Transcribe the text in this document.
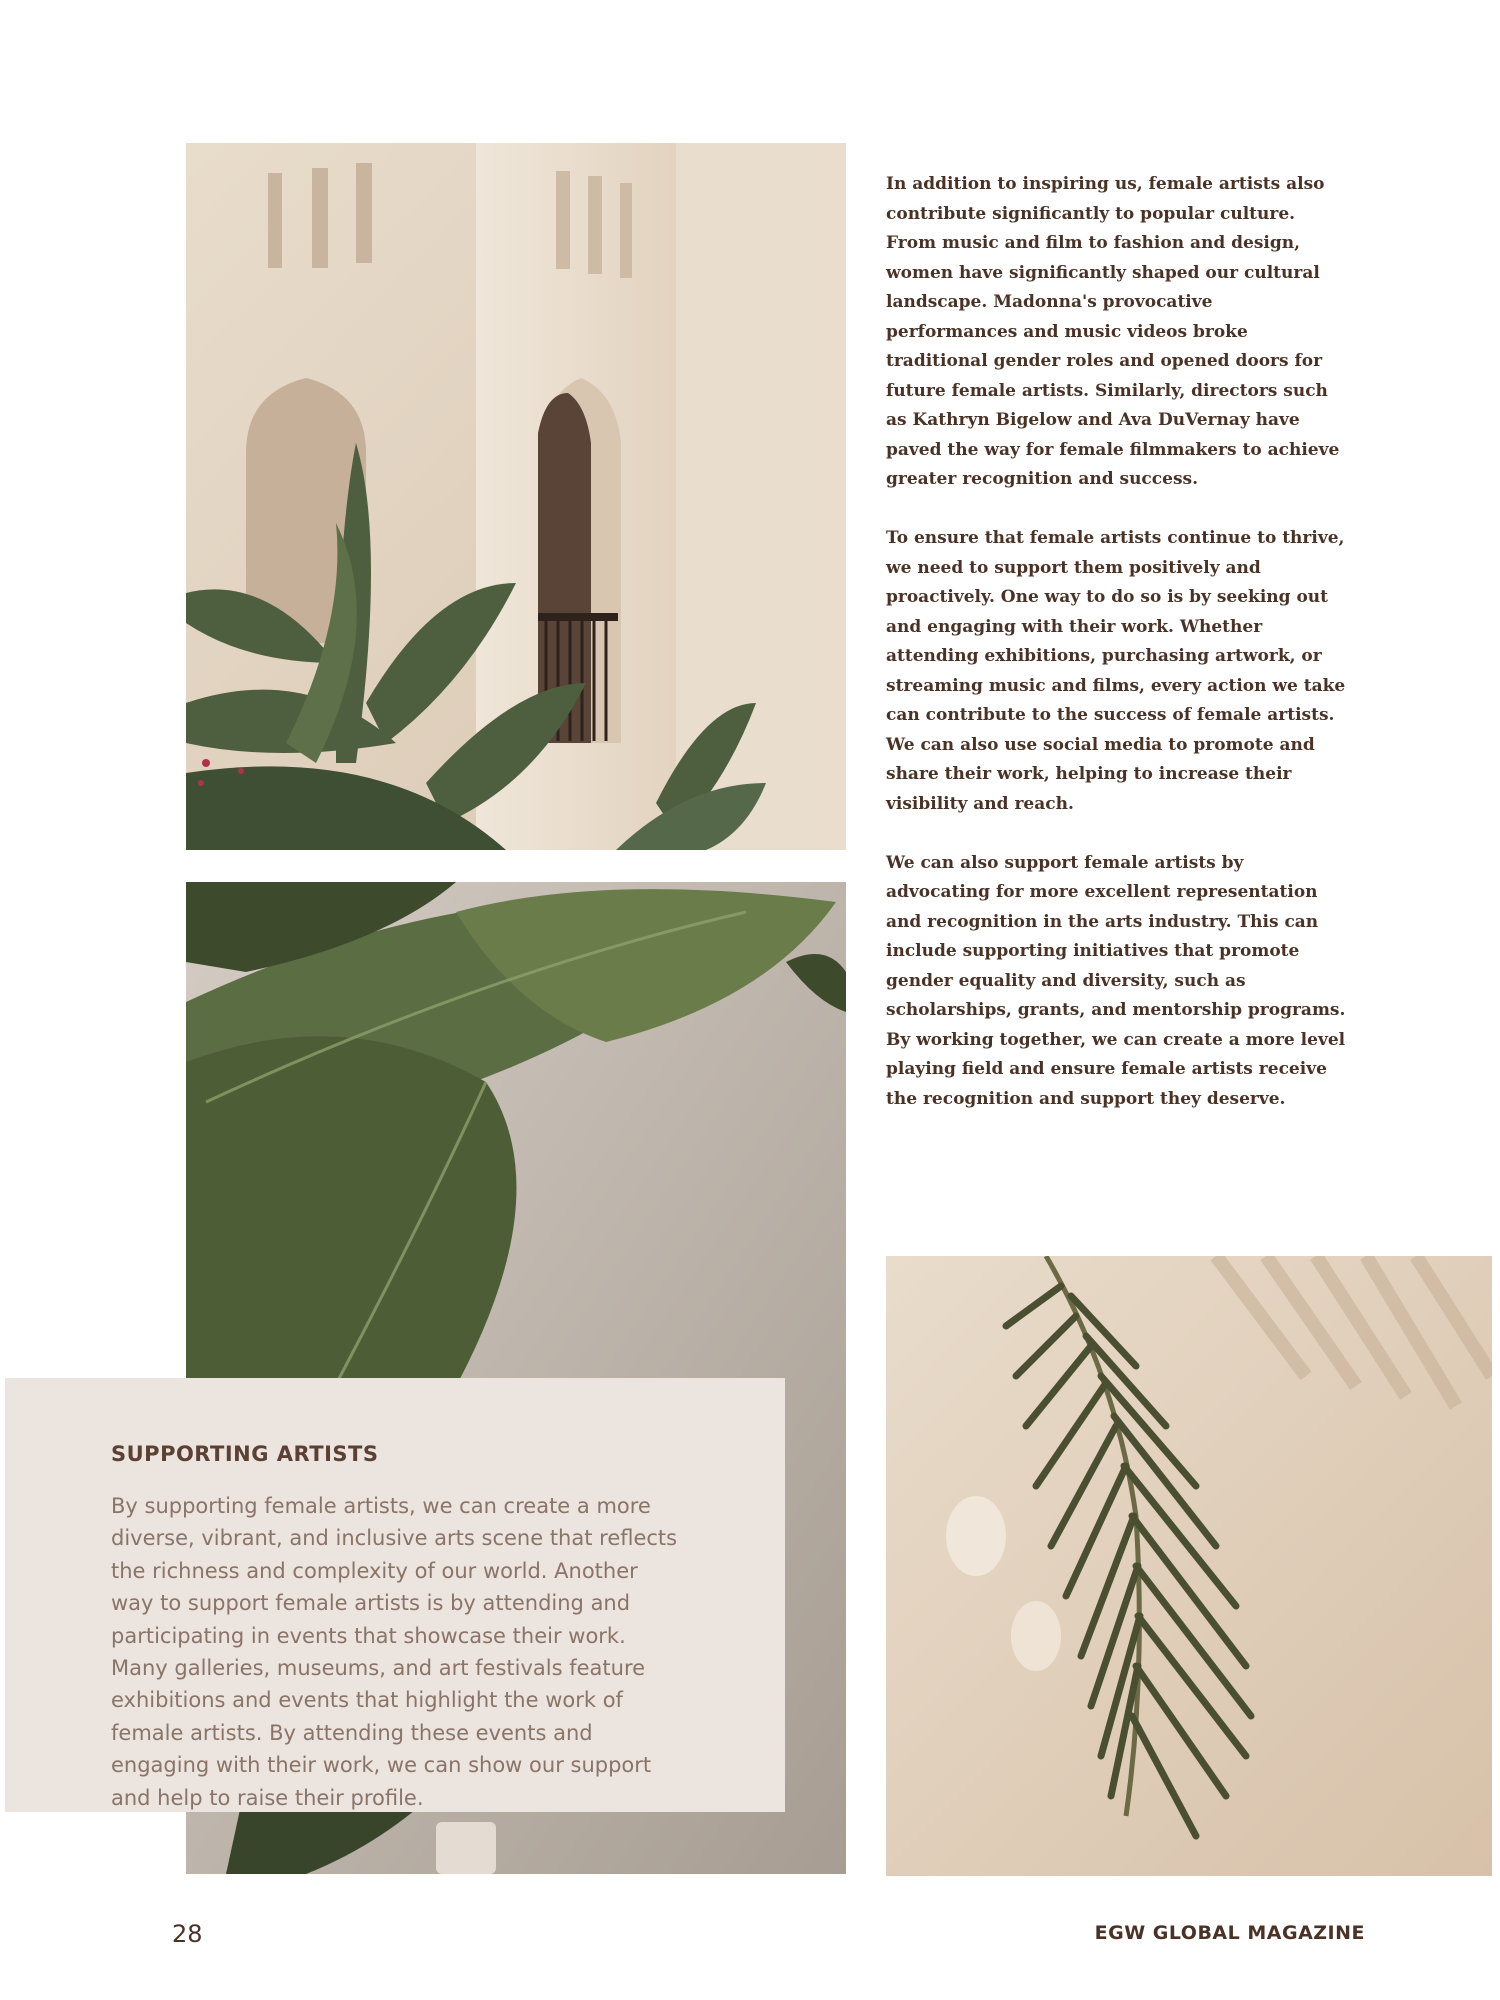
In addition to inspiring us, female artists also contribute significantly to popular culture. From music and film to fashion and design, women have significantly shaped our cultural landscape. Madonna's provocative performances and music videos broke traditional gender roles and opened doors for future female artists. Similarly, directors such as Kathryn Bigelow and Ava DuVernay have paved the way for female filmmakers to achieve greater recognition and success.

To ensure that female artists continue to thrive, we need to support them positively and proactively. One way to do so is by seeking out and engaging with their work. Whether attending exhibitions, purchasing artwork, or streaming music and films, every action we take can contribute to the success of female artists. We can also use social media to promote and share their work, helping to increase their visibility and reach.

We can also support female artists by advocating for more excellent representation and recognition in the arts industry. This can include supporting initiatives that promote gender equality and diversity, such as scholarships, grants, and mentorship programs. By working together, we can create a more level playing field and ensure female artists receive the recognition and support they deserve.

SUPPORTING ARTISTS

By supporting female artists, we can create a more diverse, vibrant, and inclusive arts scene that reflects the richness and complexity of our world. Another way to support female artists is by attending and participating in events that showcase their work. Many galleries, museums, and art festivals feature exhibitions and events that highlight the work of female artists. By attending these events and engaging with their work, we can show our support and help to raise their profile.

28	EGW GLOBAL MAGAZINE
